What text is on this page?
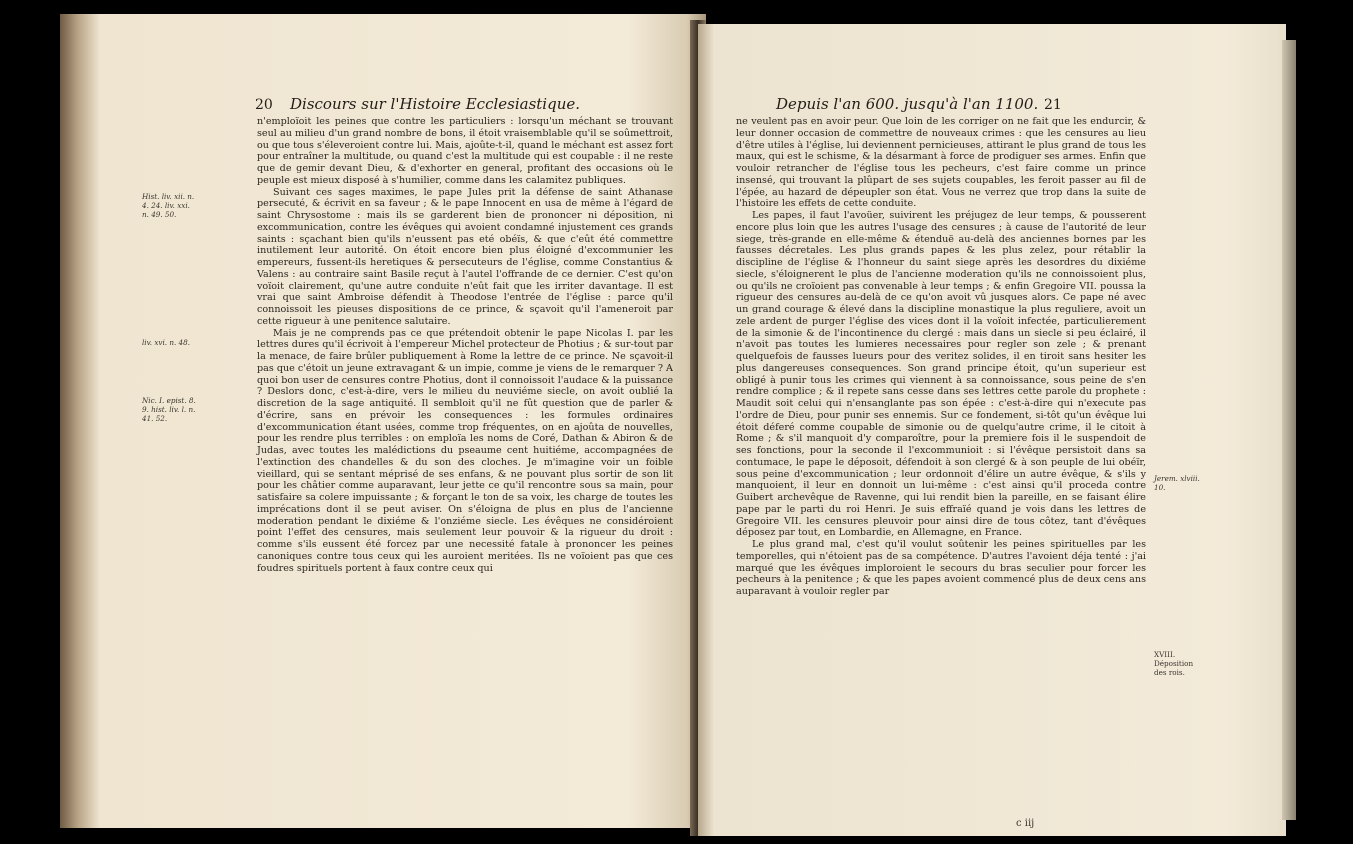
20 Discours sur l'Histoire Ecclesiastique.

n'emploïoit les peines que contre les particuliers : lorsqu'un méchant se trouvant seul au milieu d'un grand nombre de bons, il étoit vraisemblable qu'il se soûmettroit, ou que tous s'éleveroient contre lui. Mais, ajoûte-t-il, quand le méchant est assez fort pour entraîner la multitude, ou quand c'est la multitude qui est coupable : il ne reste que de gemir devant Dieu, & d'exhorter en general, profitant des occasions où le peuple est mieux disposé à s'humilier, comme dans les calamitez publiques.

Suivant ces sages maximes, le pape Jules prit la défense de saint Athanase persecuté, & écrivit en sa faveur ; & le pape Innocent en usa de même à l'égard de saint Chrysostome : mais ils se garderent bien de prononcer ni déposition, ni excommunication, contre les évêques qui avoient condamné injustement ces grands saints : sçachant bien qu'ils n'eussent pas eté obéïs, & que c'eût été commettre inutilement leur autorité. On étoit encore bien plus éloigné d'excommunier les empereurs, fussent-ils heretiques & persecuteurs de l'église, comme Constantius & Valens : au contraire saint Basile reçut à l'autel l'offrande de ce dernier. C'est qu'on voïoit clairement, qu'une autre conduite n'eût fait que les irriter davantage. Il est vrai que saint Ambroise défendit à Theodose l'entrée de l'église : parce qu'il connoissoit les pieuses dispositions de ce prince, & sçavoit qu'il l'ameneroit par cette rigueur à une penitence salutaire.

Mais je ne comprends pas ce que prétendoit obtenir le pape Nicolas I. par les lettres dures qu'il écrivoit à l'empereur Michel protecteur de Photius ; & sur-tout par la menace, de faire brûler publiquement à Rome la lettre de ce prince. Ne sçavoit-il pas que c'étoit un jeune extravagant & un impie, comme je viens de le remarquer ? A quoi bon user de censures contre Photius, dont il connoissoit l'audace & la puissance ? Deslors donc, c'est-à-dire, vers le milieu du neuviéme siecle, on avoit oublié la discretion de la sage antiquité. Il sembloit qu'il ne fût question que de parler & d'écrire, sans en prévoir les consequences : les formules ordinaires d'excommunication étant usées, comme trop fréquentes, on en ajoûta de nouvelles, pour les rendre plus terribles : on emploïa les noms de Coré, Dathan & Abiron & de Judas, avec toutes les malédictions du pseaume cent huitiéme, accompagnées de l'extinction des chandelles & du son des cloches. Je m'imagine voir un foible vieillard, qui se sentant méprisé de ses enfans, & ne pouvant plus sortir de son lit pour les châtier comme auparavant, leur jette ce qu'il rencontre sous sa main, pour satisfaire sa colere impuissante ; & forçant le ton de sa voix, les charge de toutes les imprécations dont il se peut aviser. On s'éloigna de plus en plus de l'ancienne moderation pendant le dixiéme & l'onziéme siecle. Les évêques ne considéroient point l'effet des censures, mais seulement leur pouvoir & la rigueur du droit : comme s'ils eussent été forcez par une necessité fatale à prononcer les peines canoniques contre tous ceux qui les auroient meritées. Ils ne voïoient pas que ces foudres spirituels portent à faux contre ceux qui

Hist. liv. xii. n. 4. 24. liv. xxi. n. 49. 50.
liv. xvi. n. 48.
Nic. I. epist. 8. 9. hist. liv. l. n. 41. 52.
Depuis l'an 600. jusqu'à l'an 1100. 21

ne veulent pas en avoir peur. Que loin de les corriger on ne fait que les endurcir, & leur donner occasion de commettre de nouveaux crimes : que les censures au lieu d'être utiles à l'église, lui deviennent pernicieuses, attirant le plus grand de tous les maux, qui est le schisme, & la désarmant à force de prodiguer ses armes. Enfin que vouloir retrancher de l'église tous les pecheurs, c'est faire comme un prince insensé, qui trouvant la plûpart de ses sujets coupables, les feroit passer au fil de l'épée, au hazard de dépeupler son état. Vous ne verrez que trop dans la suite de l'histoire les effets de cette conduite.

Les papes, il faut l'avoüer, suivirent les préjugez de leur temps, & pousserent encore plus loin que les autres l'usage des censures ; à cause de l'autorité de leur siege, très-grande en elle-même & étenduë au-delà des anciennes bornes par les fausses décretales. Les plus grands papes & les plus zelez, pour rétablir la discipline de l'église & l'honneur du saint siege après les desordres du dixiéme siecle, s'éloignerent le plus de l'ancienne moderation qu'ils ne connoissoient plus, ou qu'ils ne croïoient pas convenable à leur temps ; & enfin Gregoire VII. poussa la rigueur des censures au-delà de ce qu'on avoit vû jusques alors. Ce pape né avec un grand courage & élevé dans la discipline monastique la plus reguliere, avoit un zele ardent de purger l'église des vices dont il la voïoit infectée, particulierement de la simonie & de l'incontinence du clergé : mais dans un siecle si peu éclairé, il n'avoit pas toutes les lumieres necessaires pour regler son zele ; & prenant quelquefois de fausses lueurs pour des veritez solides, il en tiroit sans hesiter les plus dangereuses consequences. Son grand principe étoit, qu'un superieur est obligé à punir tous les crimes qui viennent à sa connoissance, sous peine de s'en rendre complice ; & il repete sans cesse dans ses lettres cette parole du prophete : Maudit soit celui qui n'ensanglante pas son épée : c'est-à-dire qui n'execute pas l'ordre de Dieu, pour punir ses ennemis. Sur ce fondement, si-tôt qu'un évêque lui étoit déferé comme coupable de simonie ou de quelqu'autre crime, il le citoit à Rome ; & s'il manquoit d'y comparoître, pour la premiere fois il le suspendoit de ses fonctions, pour la seconde il l'excommunioit : si l'évêque persistoit dans sa contumace, le pape le déposoit, défendoit à son clergé & à son peuple de lui obéïr, sous peine d'excommunication ; leur ordonnoit d'élire un autre évêque, & s'ils y manquoient, il leur en donnoit un lui-même : c'est ainsi qu'il proceda contre Guibert archevêque de Ravenne, qui lui rendit bien la pareille, en se faisant élire pape par le parti du roi Henri. Je suis effraïé quand je vois dans les lettres de Gregoire VII. les censures pleuvoir pour ainsi dire de tous côtez, tant d'évêques déposez par tout, en Lombardie, en Allemagne, en France.

Le plus grand mal, c'est qu'il voulut soûtenir les peines spirituelles par les temporelles, qui n'étoient pas de sa compétence. D'autres l'avoient déja tenté : j'ai marqué que les évêques imploroient le secours du bras seculier pour forcer les pecheurs à la penitence ; & que les papes avoient commencé plus de deux cens ans auparavant à vouloir regler par

Jerem. xlviii. 10.
XVIII. Déposition des rois.
c iij
